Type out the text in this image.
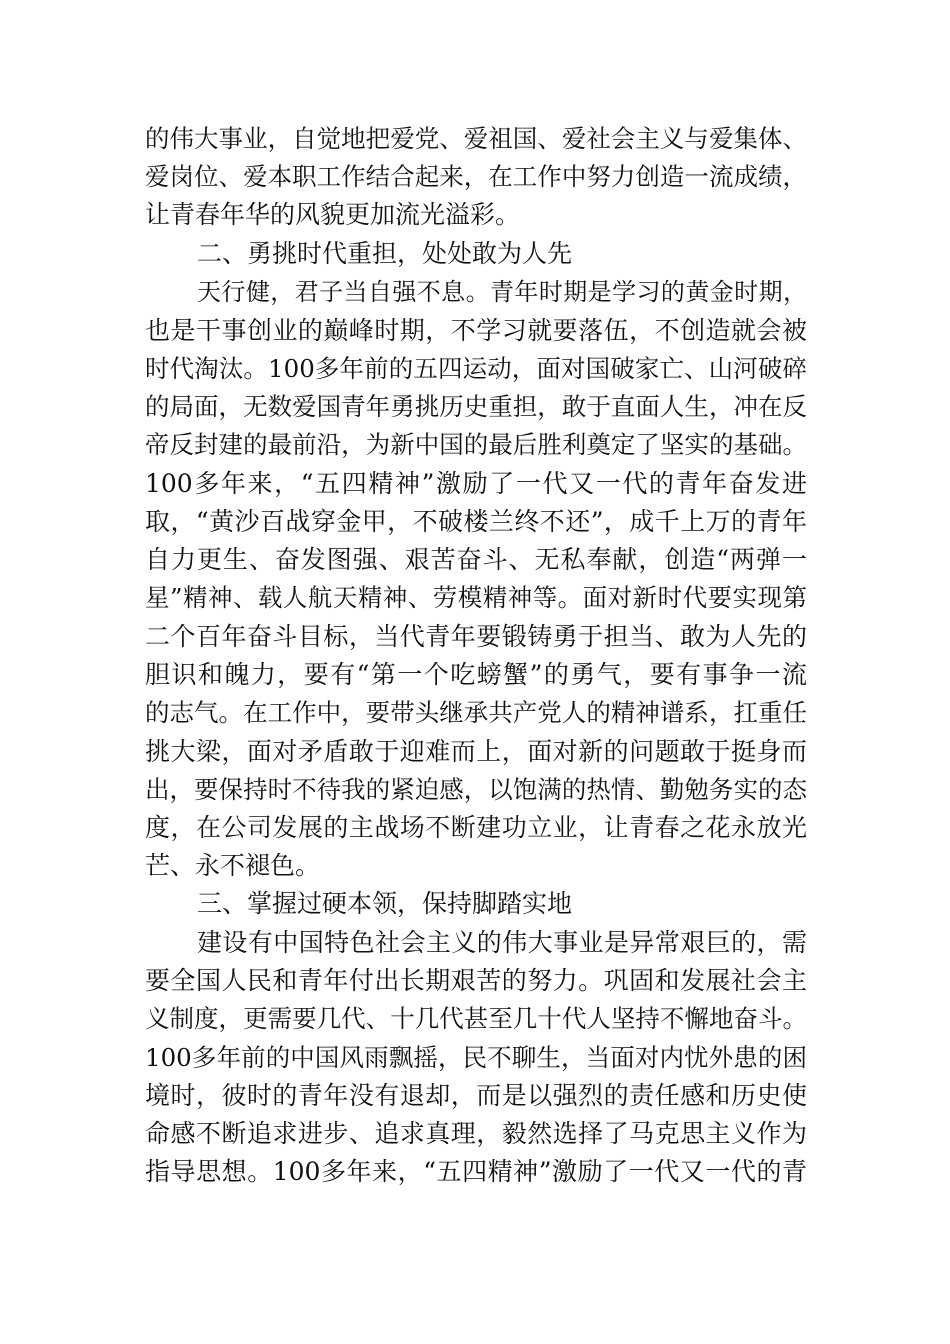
的伟大事业，自觉地把爱党、爱祖国、爱社会主义与爱集体、
爱岗位、爱本职工作结合起来，在工作中努力创造一流成绩，
让青春年华的风貌更加流光溢彩。
二、勇挑时代重担，处处敢为人先
天行健，君子当自强不息。青年时期是学习的黄金时期，
也是干事创业的巅峰时期，不学习就要落伍，不创造就会被
时代淘汰。100多年前的五四运动，面对国破家亡、山河破碎
的局面，无数爱国青年勇挑历史重担，敢于直面人生，冲在反
帝反封建的最前沿，为新中国的最后胜利奠定了坚实的基础。
100多年来，“五四精神”激励了一代又一代的青年奋发进
取，“黄沙百战穿金甲，不破楼兰终不还”，成千上万的青年
自力更生、奋发图强、艰苦奋斗、无私奉献，创造“两弹一
星”精神、载人航天精神、劳模精神等。面对新时代要实现第
二个百年奋斗目标，当代青年要锻铸勇于担当、敢为人先的
胆识和魄力，要有“第一个吃螃蟹”的勇气，要有事争一流
的志气。在工作中，要带头继承共产党人的精神谱系，扛重任
挑大梁，面对矛盾敢于迎难而上，面对新的问题敢于挺身而
出，要保持时不待我的紧迫感，以饱满的热情、勤勉务实的态
度，在公司发展的主战场不断建功立业，让青春之花永放光
芒、永不褪色。
三、掌握过硬本领，保持脚踏实地
建设有中国特色社会主义的伟大事业是异常艰巨的，需
要全国人民和青年付出长期艰苦的努力。巩固和发展社会主
义制度，更需要几代、十几代甚至几十代人坚持不懈地奋斗。
100多年前的中国风雨飘摇，民不聊生，当面对内忧外患的困
境时，彼时的青年没有退却，而是以强烈的责任感和历史使
命感不断追求进步、追求真理，毅然选择了马克思主义作为
指导思想。100多年来，“五四精神”激励了一代又一代的青
